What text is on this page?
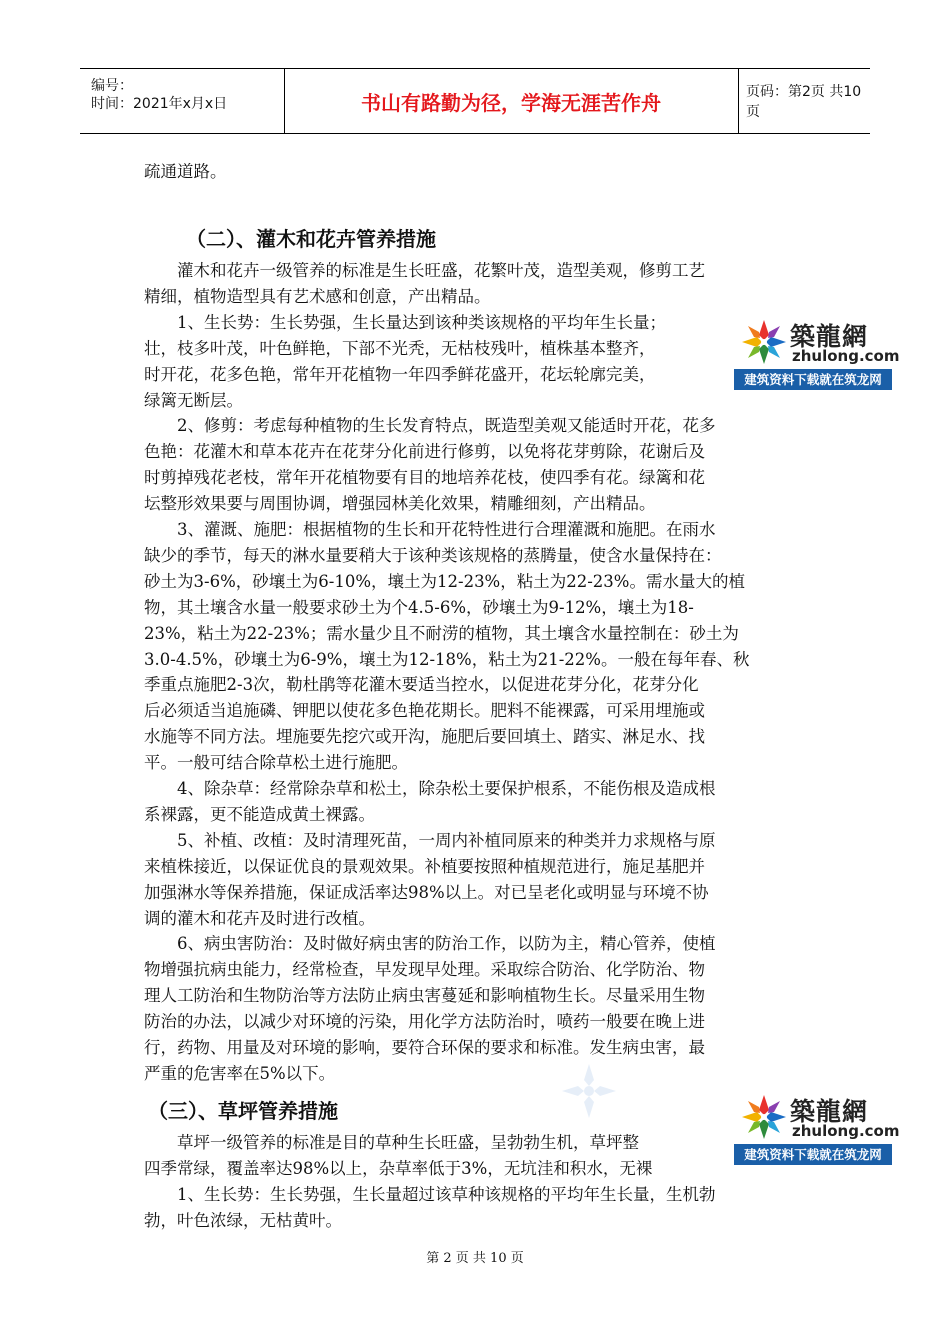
编号：
时间：2021年x月x日	书山有路勤为径，学海无涯苦作舟	页码：第2页 共10页
疏通道路。
（二）、灌木和花卉管养措施
　　灌木和花卉一级管养的标准是生长旺盛，花繁叶茂，造型美观，修剪工艺
精细，植物造型具有艺术感和创意，产出精品。
　　1、生长势：生长势强，生长量达到该种类该规格的平均年生长量；
壮，枝多叶茂，叶色鲜艳，下部不光秃，无枯枝残叶，植株基本整齐，
时开花，花多色艳，常年开花植物一年四季鲜花盛开，花坛轮廓完美，
绿篱无断层。
　　2、修剪：考虑每种植物的生长发育特点，既造型美观又能适时开花，花多
色艳：花灌木和草本花卉在花芽分化前进行修剪，以免将花芽剪除，花谢后及
时剪掉残花老枝，常年开花植物要有目的地培养花枝，使四季有花。绿篱和花
坛整形效果要与周围协调，增强园林美化效果，精雕细刻，产出精品。
　　3、灌溉、施肥：根据植物的生长和开花特性进行合理灌溉和施肥。在雨水
缺少的季节，每天的淋水量要稍大于该种类该规格的蒸腾量，使含水量保持在：
砂土为3-6%，砂壤土为6-10%，壤土为12-23%，粘土为22-23%。需水量大的植
物，其土壤含水量一般要求砂土为个4.5-6%，砂壤土为9-12%，壤土为18-
23%，粘土为22-23%；需水量少且不耐涝的植物，其土壤含水量控制在：砂土为
3.0-4.5%，砂壤土为6-9%，壤土为12-18%，粘土为21-22%。一般在每年春、秋
季重点施肥2-3次，勒杜鹃等花灌木要适当控水，以促进花芽分化，花芽分化
后必须适当追施磷、钾肥以使花多色艳花期长。肥料不能裸露，可采用埋施或
水施等不同方法。埋施要先挖穴或开沟，施肥后要回填土、踏实、淋足水、找
平。一般可结合除草松土进行施肥。
　　4、除杂草：经常除杂草和松土，除杂松土要保护根系，不能伤根及造成根
系裸露，更不能造成黄土裸露。
　　5、补植、改植：及时清理死苗，一周内补植同原来的种类并力求规格与原
来植株接近，以保证优良的景观效果。补植要按照种植规范进行，施足基肥并
加强淋水等保养措施，保证成活率达98%以上。对已呈老化或明显与环境不协
调的灌木和花卉及时进行改植。
　　6、病虫害防治：及时做好病虫害的防治工作，以防为主，精心管养，使植
物增强抗病虫能力，经常检查，早发现早处理。采取综合防治、化学防治、物
理人工防治和生物防治等方法防止病虫害蔓延和影响植物生长。尽量采用生物
防治的办法，以减少对环境的污染，用化学方法防治时，喷药一般要在晚上进
行，药物、用量及对环境的影响，要符合环保的要求和标准。发生病虫害，最
严重的危害率在5%以下。
（三）、草坪管养措施
　　草坪一级管养的标准是目的草种生长旺盛，呈勃勃生机，草坪整
四季常绿，覆盖率达98%以上，杂草率低于3%，无坑洼和积水，无裸
　　1、生长势：生长势强，生长量超过该草种该规格的平均年生长量，生机勃
勃，叶色浓绿，无枯黄叶。
築龍網
zhulong.com
建筑资料下载就在筑龙网
築龍網
zhulong.com
建筑资料下载就在筑龙网
第 2 页 共 10 页
